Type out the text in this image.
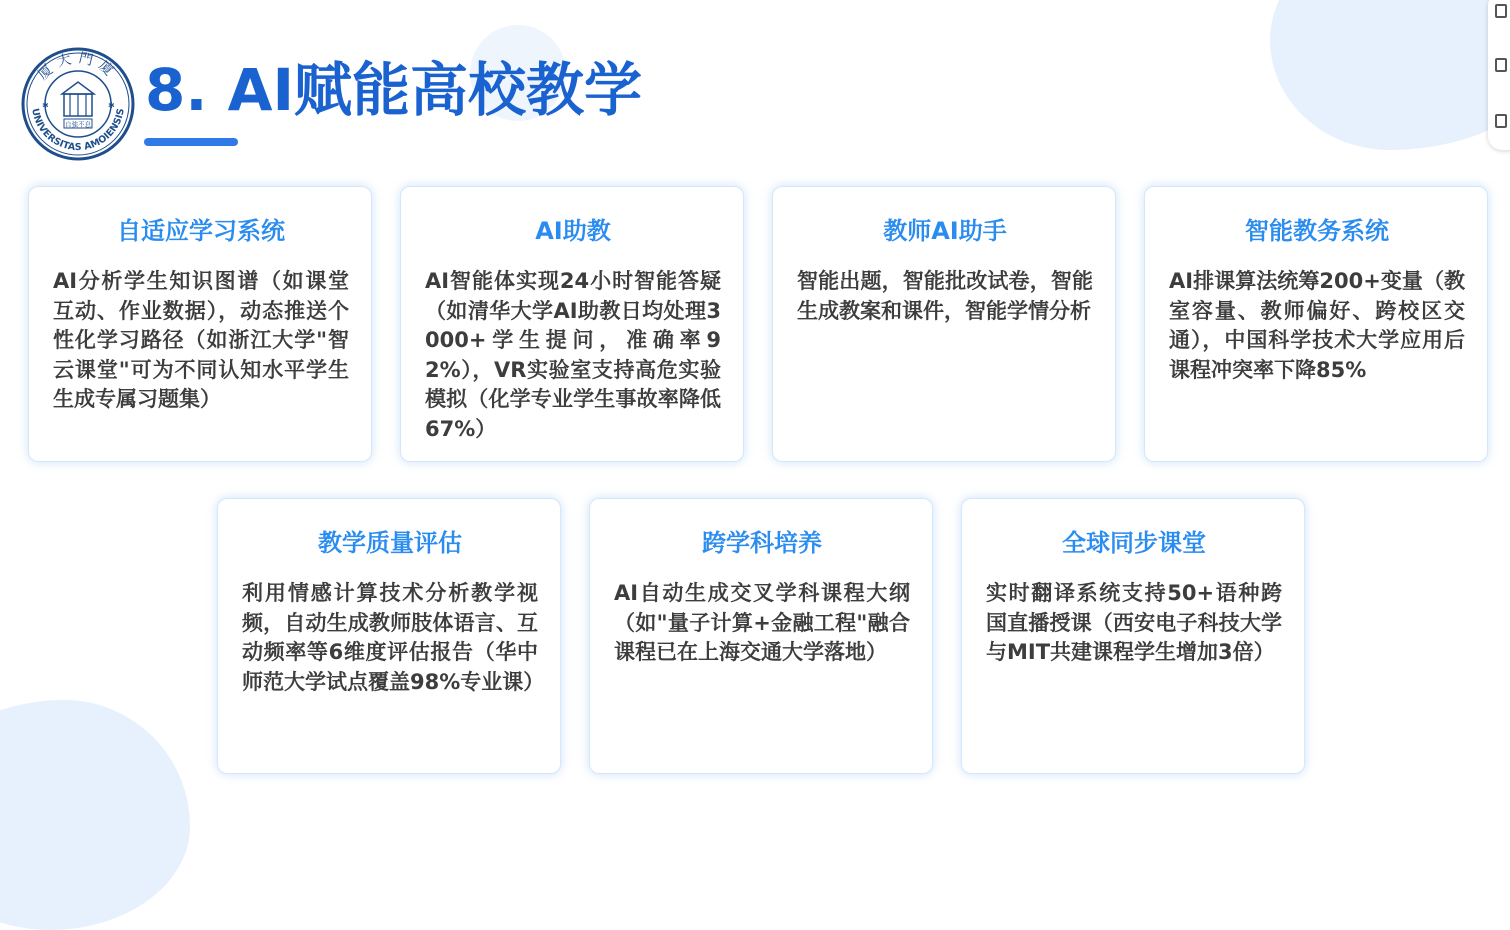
厦大門廈
UNIVERSITAS AMOIENSIS
✱	✱
自強不息
8. AI赋能高校教学
自适应学习系统

AI分析学生知识图谱（如课堂互动、作业数据），动态推送个性化学习路径（如浙江大学"智云课堂"可为不同认知水平学生生成专属习题集）

AI助教

AI智能体实现24小时智能答疑（如清华大学AI助教日均处理3000+学生提问，准确率92%），VR实验室支持高危实验模拟（化学专业学生事故率降低67%）

教师AI助手

智能出题，智能批改试卷，智能生成教案和课件，智能学情分析

智能教务系统

AI排课算法统筹200+变量（教室容量、教师偏好、跨校区交通），中国科学技术大学应用后课程冲突率下降85%

教学质量评估

利用情感计算技术分析教学视频，自动生成教师肢体语言、互动频率等6维度评估报告（华中师范大学试点覆盖98%专业课）

跨学科培养

AI自动生成交叉学科课程大纲（如"量子计算+金融工程"融合课程已在上海交通大学落地）

全球同步课堂

实时翻译系统支持50+语种跨国直播授课（西安电子科技大学与MIT共建课程学生增加3倍）
